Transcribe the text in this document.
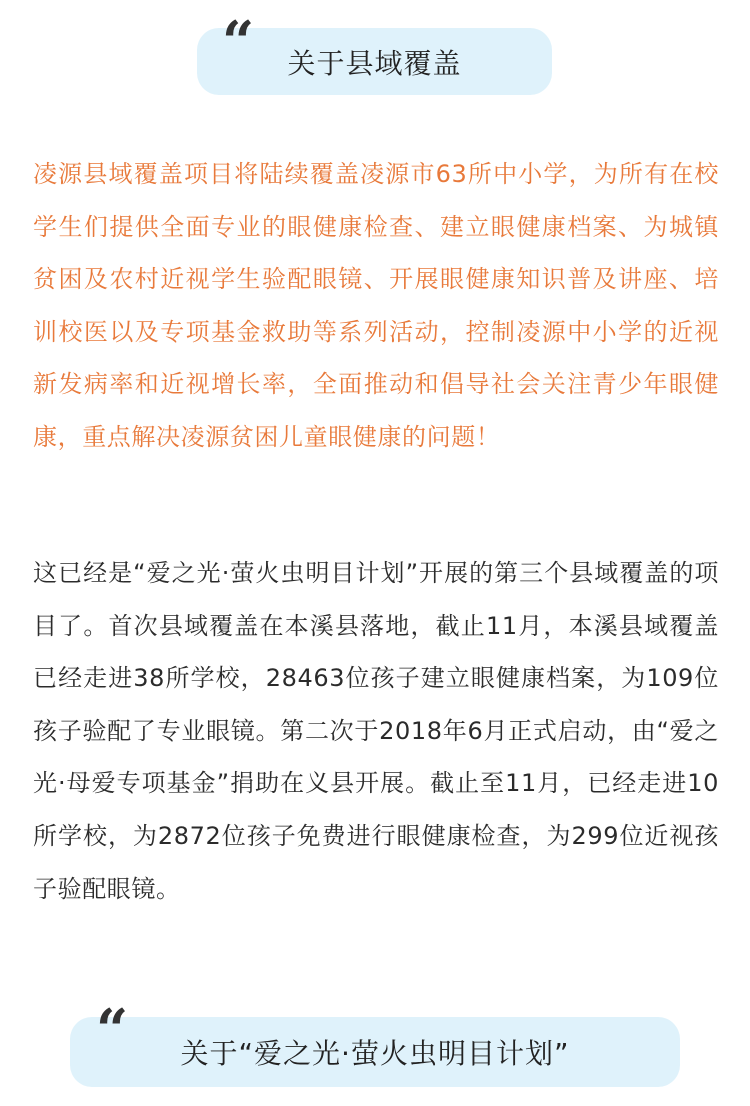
关于县域覆盖
“

凌源县域覆盖项目将陆续覆盖凌源市63所中小学，为所有在校学生们提供全面专业的眼健康检查、建立眼健康档案、为城镇贫困及农村近视学生验配眼镜、开展眼健康知识普及讲座、培训校医以及专项基金救助等系列活动，控制凌源中小学的近视新发病率和近视增长率，全面推动和倡导社会关注青少年眼健康，重点解决凌源贫困儿童眼健康的问题！

这已经是“爱之光·萤火虫明目计划”开展的第三个县域覆盖的项目了。首次县域覆盖在本溪县落地，截止11月，本溪县域覆盖已经走进38所学校，28463位孩子建立眼健康档案，为109位孩子验配了专业眼镜。第二次于2018年6月正式启动，由“爱之光·母爱专项基金”捐助在义县开展。截止至11月，已经走进10所学校，为2872位孩子免费进行眼健康检查，为299位近视孩子验配眼镜。

关于“爱之光·萤火虫明目计划”
“
